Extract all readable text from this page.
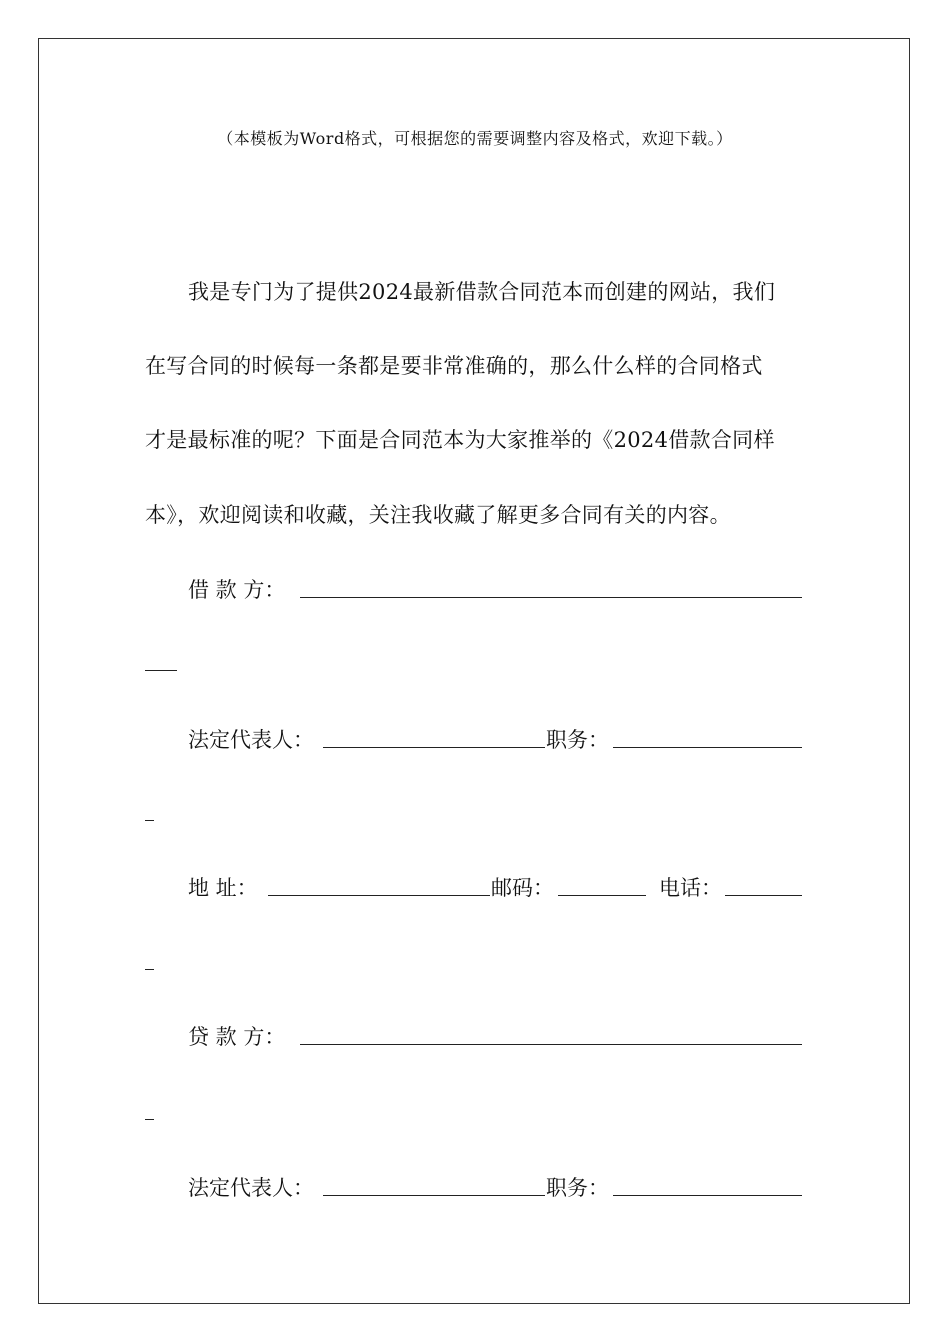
（本模板为Word格式，可根据您的需要调整内容及格式，欢迎下载。）
我是专门为了提供2024最新借款合同范本而创建的网站，我们
在写合同的时候每一条都是要非常准确的，那么什么样的合同格式
才是最标准的呢？下面是合同范本为大家推举的《2024借款合同样
本》，欢迎阅读和收藏，关注我收藏了解更多合同有关的内容。
借 款 方：
法定代表人：	职务：
地 址：	邮码：	电话：
贷 款 方：
法定代表人：	职务：
